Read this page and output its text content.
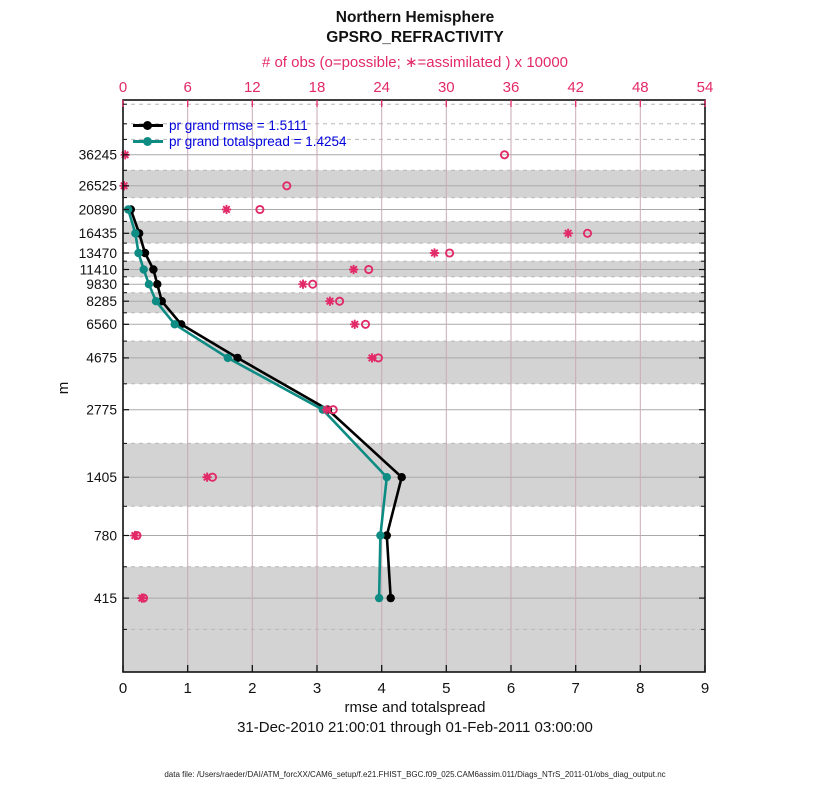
0	1	2	3	4	5	6	7	8	9
0	6	12	18	24	30	36	42	48	54
36245
26525
20890
16435
13470
11410
9830
8285
6560
4675
2775
1405
780
415
m
Northern Hemisphere
GPSRO_REFRACTIVITY
# of obs (o=possible; ∗=assimilated ) x 10000
pr grand rmse = 1.5111
pr grand totalspread = 1.4254
rmse and totalspread
31-Dec-2010 21:00:01 through 01-Feb-2011 03:00:00
data file: /Users/raeder/DAI/ATM_forcXX/CAM6_setup/f.e21.FHIST_BGC.f09_025.CAM6assim.011/Diags_NTrS_2011-01/obs_diag_output.nc
